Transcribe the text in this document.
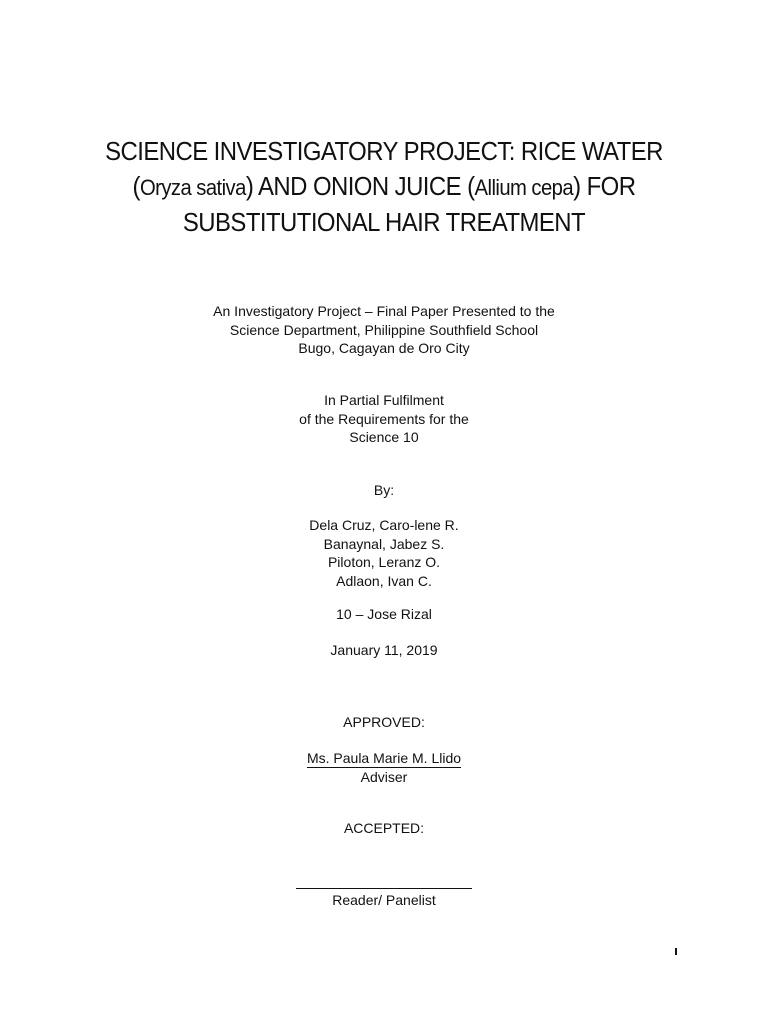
SCIENCE INVESTIGATORY PROJECT: RICE WATER
(Oryza sativa) AND ONION JUICE (Allium cepa) FOR
SUBSTITUTIONAL HAIR TREATMENT
An Investigatory Project – Final Paper Presented to the
Science Department, Philippine Southfield School
Bugo, Cagayan de Oro City
In Partial Fulfilment
of the Requirements for the
Science 10
By:
Dela Cruz, Caro-lene R.
Banaynal, Jabez S.
Piloton, Leranz O.
Adlaon, Ivan C.
10 – Jose Rizal
January 11, 2019
APPROVED:
Ms. Paula Marie M. Llido
Adviser
ACCEPTED:
Reader/ Panelist
